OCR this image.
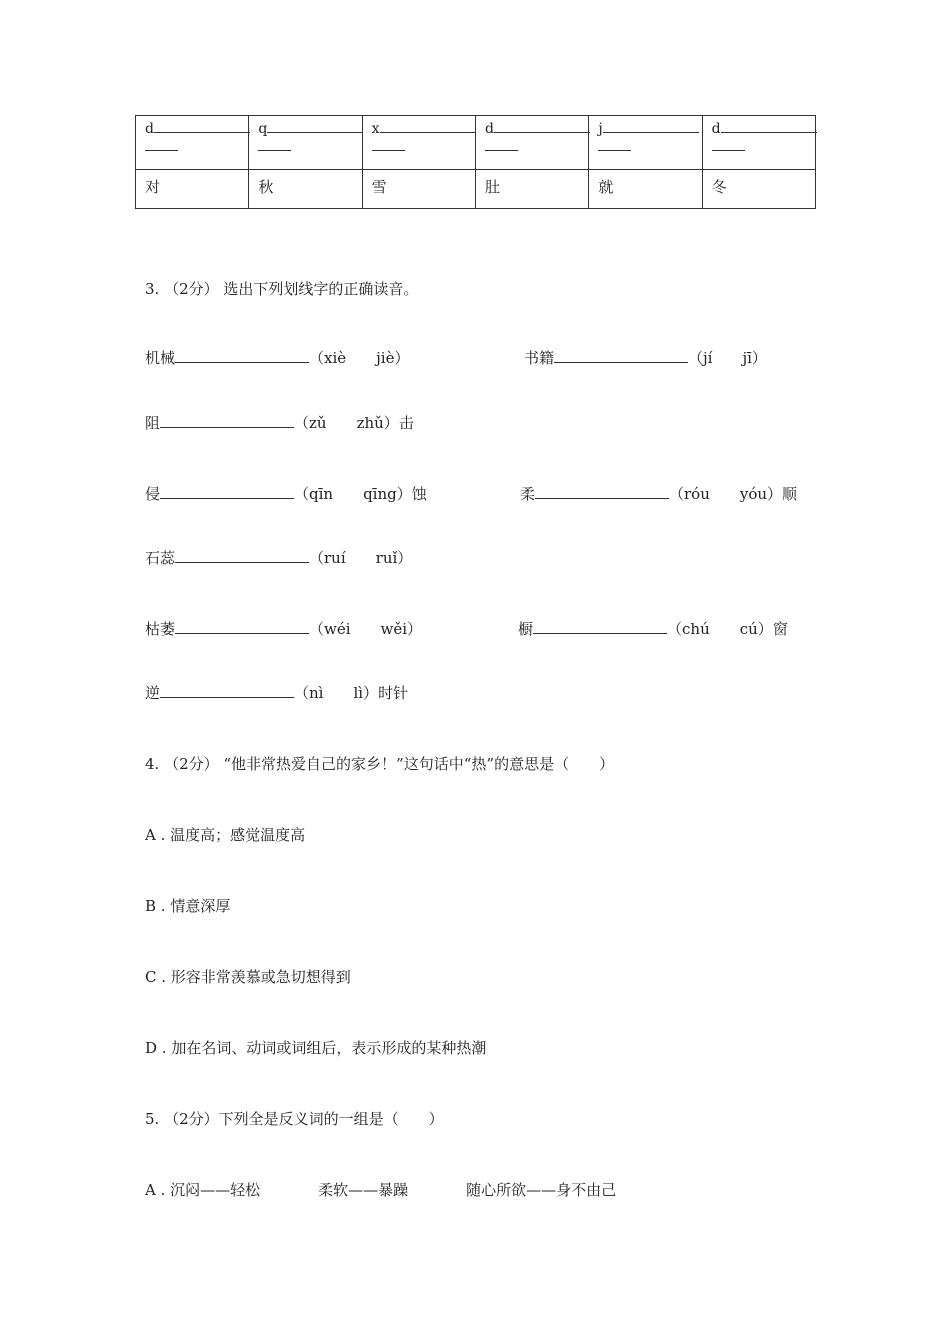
d	q	x	d	j	d

对	秋	雪	肚	就	冬
3. （2分） 选出下列划线字的正确读音。
机械	（xiè　　jiè）	书籍	（jí　　jī）
阻	（zǔ　　zhǔ）击
侵	（qīn　　qīng）蚀	柔	（róu　　yóu）顺
石蕊	（ruí　　ruǐ）
枯萎	（wéi　　wěi）	橱	（chú　　cú）窗
逆	（nì　　lì）时针
4. （2分） “他非常热爱自己的家乡！”这句话中“热”的意思是（　　）
A . 温度高；感觉温度高
B . 情意深厚
C . 形容非常羡慕或急切想得到
D . 加在名词、动词或词组后，表示形成的某种热潮
5. （2分）下列全是反义词的一组是（　　）
A . 沉闷——轻松	柔软——暴躁	随心所欲——身不由己
